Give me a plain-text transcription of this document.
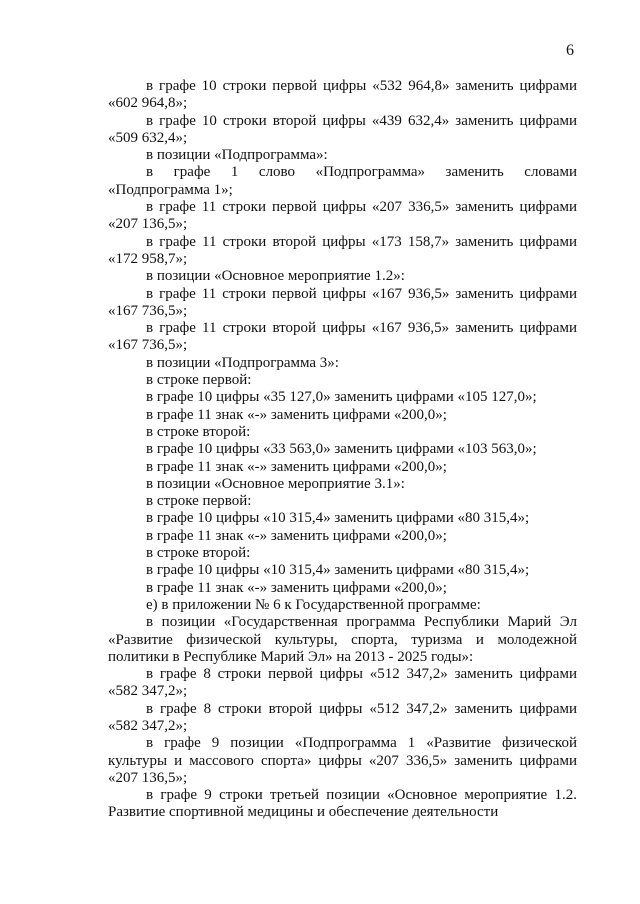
6

в графе 10 строки первой цифры «532 964,8» заменить цифрами «602 964,8»;

в графе 10 строки второй цифры «439 632,4» заменить цифрами «509 632,4»;

в позиции «Подпрограмма»:

в графе 1 слово «Подпрограмма» заменить словами «Подпрограмма 1»;

в графе 11 строки первой цифры «207 336,5» заменить цифрами «207 136,5»;

в графе 11 строки второй цифры «173 158,7» заменить цифрами «172 958,7»;

в позиции «Основное мероприятие 1.2»:

в графе 11 строки первой цифры «167 936,5» заменить цифрами «167 736,5»;

в графе 11 строки второй цифры «167 936,5» заменить цифрами «167 736,5»;

в позиции «Подпрограмма 3»:

в строке первой:

в графе 10 цифры «35 127,0» заменить цифрами «105 127,0»;

в графе 11 знак «-» заменить цифрами «200,0»;

в строке второй:

в графе 10 цифры «33 563,0» заменить цифрами «103 563,0»;

в графе 11 знак «-» заменить цифрами «200,0»;

в позиции «Основное мероприятие 3.1»:

в строке первой:

в графе 10 цифры «10 315,4» заменить цифрами «80 315,4»;

в графе 11 знак «-» заменить цифрами «200,0»;

в строке второй:

в графе 10 цифры «10 315,4» заменить цифрами «80 315,4»;

в графе 11 знак «-» заменить цифрами «200,0»;

е) в приложении № 6 к Государственной программе:

в позиции «Государственная программа Республики Марий Эл «Развитие физической культуры, спорта, туризма и молодежной политики в Республике Марий Эл» на 2013 - 2025 годы»:

в графе 8 строки первой цифры «512 347,2» заменить цифрами «582 347,2»;

в графе 8 строки второй цифры «512 347,2» заменить цифрами «582 347,2»;

в графе 9 позиции «Подпрограмма 1 «Развитие физической культуры и массового спорта» цифры «207 336,5» заменить цифрами «207 136,5»;

в графе 9 строки третьей позиции «Основное мероприятие 1.2. Развитие спортивной медицины и обеспечение деятельности
